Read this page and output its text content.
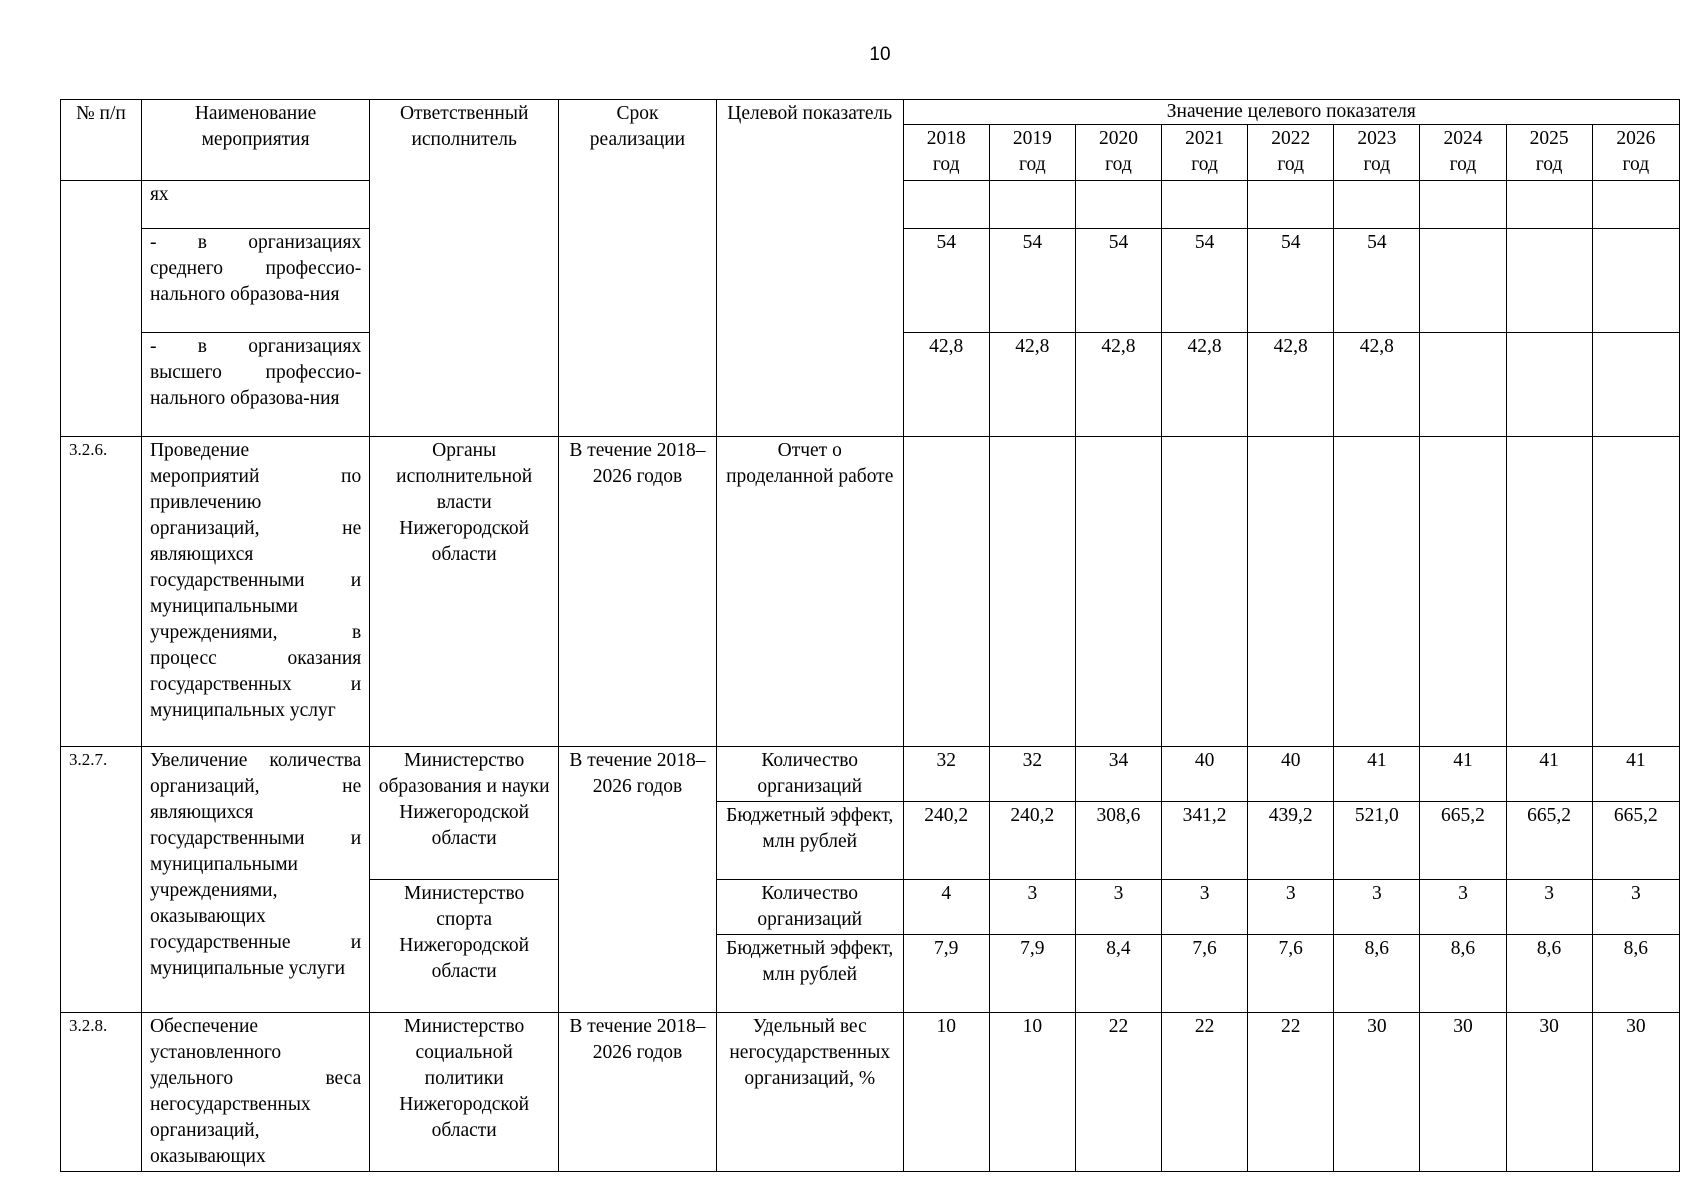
10
№ п/п	Наименование мероприятия	Ответственный исполнитель	Срок реализации	Целевой показатель	Значение целевого показателя								
					2018 год	2019 год	2020 год	2021 год	2022 год	2023 год	2024 год	2025 год	2026 год
	ях												
	- в организациях среднего профессио-нального образова-ния				54	54	54	54	54	54			
	- в организациях высшего профессио-нального образова-ния				42,8	42,8	42,8	42,8	42,8	42,8			
3.2.6.	Проведение мероприятий по привлечению организаций, не являющихся государственными и муниципальными учреждениями, в процесс оказания государственных и муниципальных услуг	Органы исполнительной власти Нижегородской области	В течение 2018–2026 годов	Отчет о проделанной работе									
3.2.7.	Увеличение количества организаций, не являющихся государственными и муниципальными учреждениями, оказывающих государственные и муниципальные услуги	Министерство образования и науки Нижегородской области	В течение 2018–2026 годов	Количество организаций	32	32	34	40	40	41	41	41	41
				Бюджетный эффект, млн рублей	240,2	240,2	308,6	341,2	439,2	521,0	665,2	665,2	665,2
		Министерство спорта Нижегородской области		Количество организаций	4	3	3	3	3	3	3	3	3
				Бюджетный эффект, млн рублей	7,9	7,9	8,4	7,6	7,6	8,6	8,6	8,6	8,6
3.2.8.	Обеспечение установленного удельного веса негосударственных организаций, оказывающих	Министерство социальной политики Нижегородской области	В течение 2018–2026 годов	Удельный вес негосударственных организаций, %	10	10	22	22	22	30	30	30	30
